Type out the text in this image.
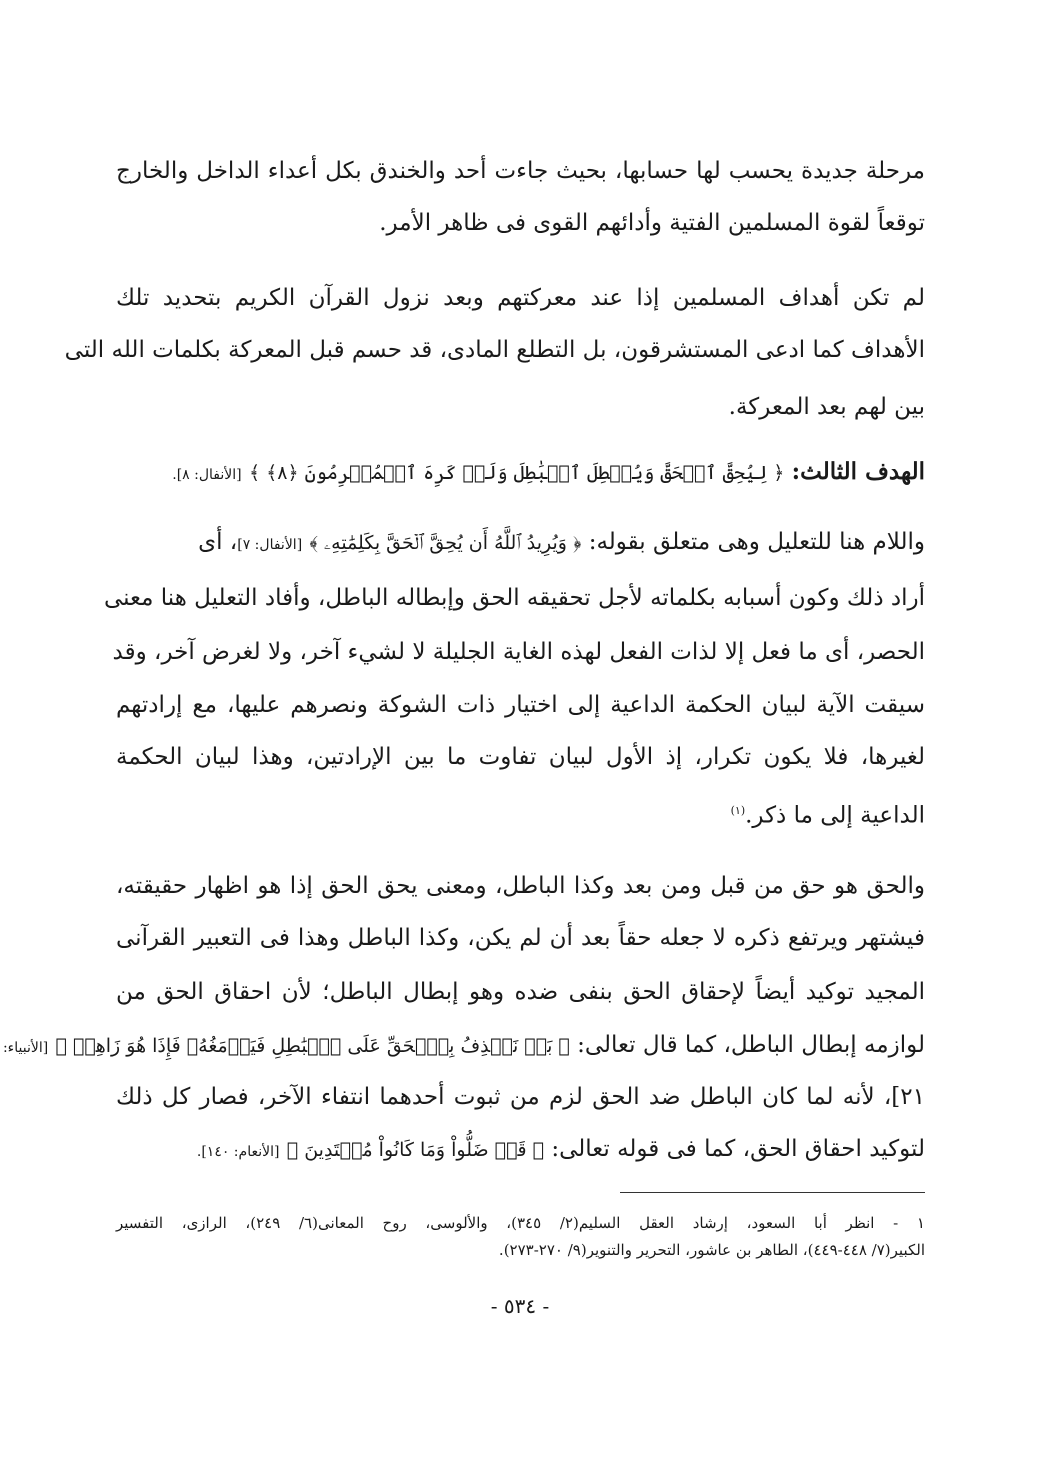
مرحلة جديدة يحسب لها حسابها، بحيث جاءت أحد والخندق بكل أعداء الداخل والخارج
توقعاً لقوة المسلمين الفتية وأدائهم القوى فى ظاهر الأمر.
لم تكن أهداف المسلمين إذا عند معركتهم وبعد نزول القرآن الكريم بتحديد تلك
الأهداف كما ادعى المستشرقون، بل التطلع المادى، قد حسم قبل المعركة بكلمات الله التى
بين لهم بعد المعركة.
الهدف الثالث: ﴿ لِيُحِقَّ ٱلۡحَقَّ وَيُبۡطِلَ ٱلۡبَٰطِلَ وَلَوۡ كَرِهَ ٱلۡمُجۡرِمُونَ ﴿٨﴾ ﴾ [الأنفال: ٨].
واللام هنا للتعليل وهى متعلق بقوله: ﴿ وَيُرِيدُ ٱللَّهُ أَن يُحِقَّ ٱلۡحَقَّ بِكَلِمَٰتِهِۦ ﴾ [الأنفال: ٧]، أى
أراد ذلك وكون أسبابه بكلماته لأجل تحقيقه الحق وإبطاله الباطل، وأفاد التعليل هنا معنى
الحصر، أى ما فعل إلا لذات الفعل لهذه الغاية الجليلة لا لشيء آخر، ولا لغرض آخر، وقد
سيقت الآية لبيان الحكمة الداعية إلى اختيار ذات الشوكة ونصرهم عليها، مع إرادتهم
لغيرها، فلا يكون تكرار، إذ الأول لبيان تفاوت ما بين الإرادتين، وهذا لبيان الحكمة
الداعية إلى ما ذكر.$^{(١)}$
والحق هو حق من قبل ومن بعد وكذا الباطل، ومعنى يحق الحق إذا هو اظهار حقيقته،
فيشتهر ويرتفع ذكره لا جعله حقاً بعد أن لم يكن، وكذا الباطل وهذا فى التعبير القرآنى
المجيد توكيد أيضاً لإحقاق الحق بنفى ضده وهو إبطال الباطل؛ لأن احقاق الحق من
لوازمه إبطال الباطل، كما قال تعالى: ﴿ بَلۡ نَقۡذِفُ بِٱلۡحَقِّ عَلَى ٱلۡبَٰطِلِ فَيَدۡمَغُهُۥ فَإِذَا هُوَ زَاهِقٞ ﴾ [الأنبياء:
٢١]، لأنه لما كان الباطل ضد الحق لزم من ثبوت أحدهما انتفاء الآخر، فصار كل ذلك
لتوكيد احقاق الحق، كما فى قوله تعالى: ﴿ قَدۡ ضَلُّواْ وَمَا كَانُواْ مُهۡتَدِينَ ﴾ [الأنعام: ١٤٠].
١ - انظر أبا السعود، إرشاد العقل السليم(٢/ ٣٤٥)، والألوسى، روح المعانى(٦/ ٢٤٩)، الرازى، التفسير
الكبير(٧/ ٤٤٨-٤٤٩)، الطاهر بن عاشور، التحرير والتنوير(٩/ ٢٧٠-٢٧٣).
- ٥٣٤ -
